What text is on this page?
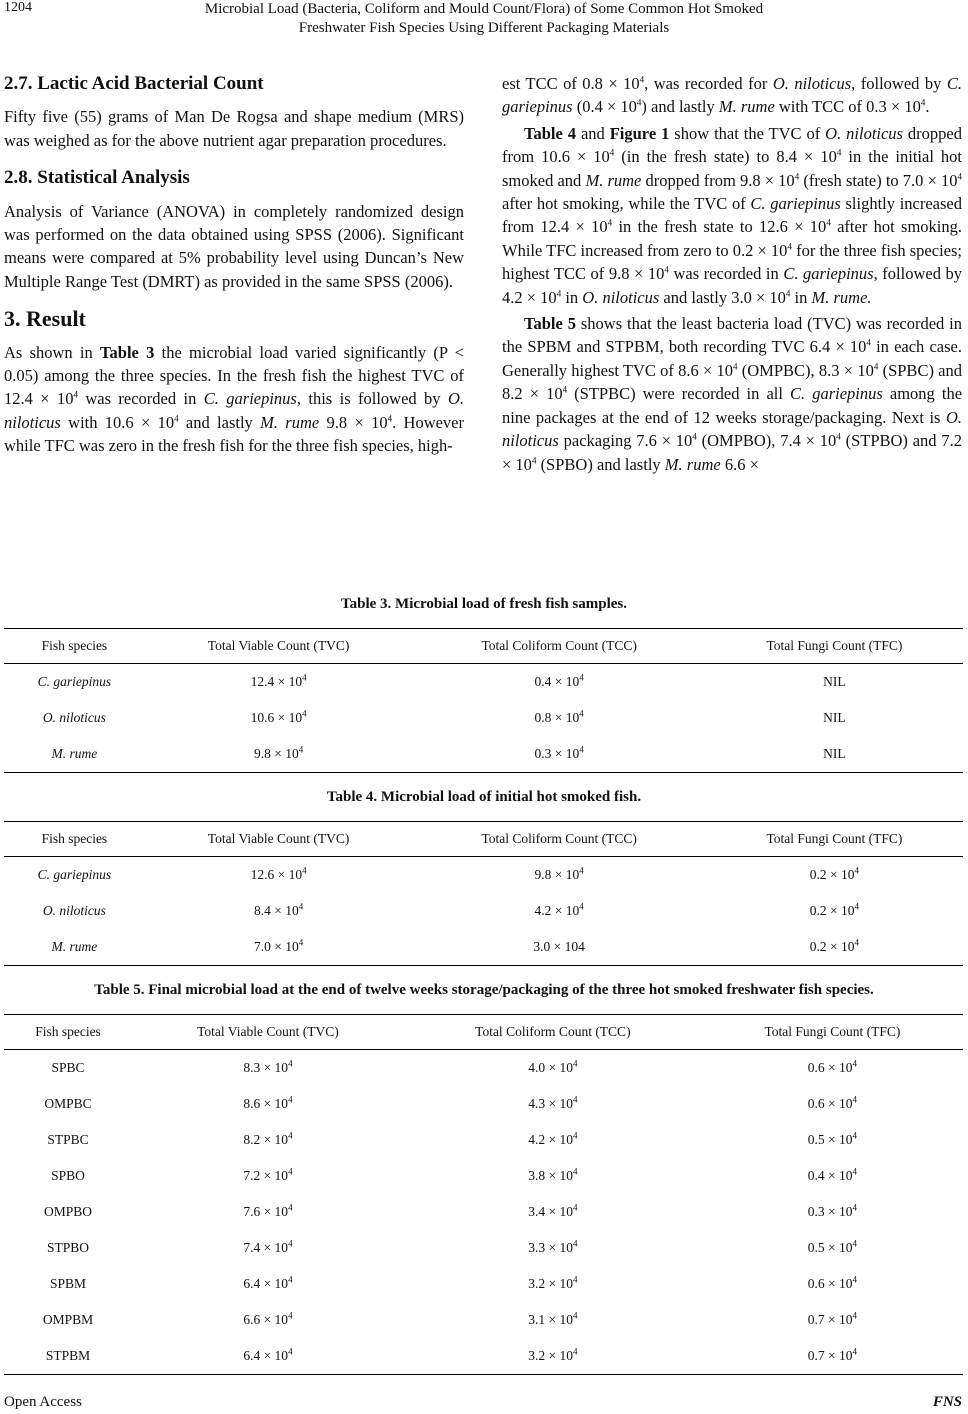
1204	Microbial Load (Bacteria, Coliform and Mould Count/Flora) of Some Common Hot Smoked
Freshwater Fish Species Using Different Packaging Materials
2.7. Lactic Acid Bacterial Count

Fifty five (55) grams of Man De Rogsa and shape medium (MRS) was weighed as for the above nutrient agar preparation procedures.

2.8. Statistical Analysis

Analysis of Variance (ANOVA) in completely randomized design was performed on the data obtained using SPSS (2006). Significant means were compared at 5% probability level using Duncan’s New Multiple Range Test (DMRT) as provided in the same SPSS (2006).

3. Result

As shown in Table 3 the microbial load varied significantly (P < 0.05) among the three species. In the fresh fish the highest TVC of $12.4 \times 10^4$ was recorded in C. gariepinus, this is followed by O. niloticus with $10.6 \times 10^4$ and lastly M. rume $9.8 \times 10^4$. However while TFC was zero in the fresh fish for the three fish species, high-

est TCC of $0.8 \times 10^4$, was recorded for O. niloticus, followed by C. gariepinus $(0.4 \times 10^4)$ and lastly M. rume with TCC of $0.3 \times 10^4$.

Table 4 and Figure 1 show that the TVC of O. niloticus dropped from $10.6 \times 10^4$ (in the fresh state) to $8.4 \times 10^4$ in the initial hot smoked and M. rume dropped from $9.8 \times 10^4$ (fresh state) to $7.0 \times 10^4$ after hot smoking, while the TVC of C. gariepinus slightly increased from $12.4 \times 10^4$ in the fresh state to $12.6 \times 10^4$ after hot smoking. While TFC increased from zero to $0.2 \times 10^4$ for the three fish species; highest TCC of $9.8 \times 10^4$ was recorded in C. gariepinus, followed by $4.2 \times 10^4$ in O. niloticus and lastly $3.0 \times 10^4$ in M. rume.

Table 5 shows that the least bacteria load (TVC) was recorded in the SPBM and STPBM, both recording TVC $6.4 \times 10^4$ in each case. Generally highest TVC of $8.6 \times 10^4$ (OMPBC), $8.3 \times 10^4$ (SPBC) and $8.2 \times 10^4$ (STPBC) were recorded in all C. gariepinus among the nine packages at the end of 12 weeks storage/packaging. Next is O. niloticus packaging $7.6 \times 10^4$ (OMPBO), $7.4 \times 10^4$ (STPBO) and $7.2 \times 10^4$ (SPBO) and lastly M. rume 6.6 ×

Table 3. Microbial load of fresh fish samples.
Fish species	Total Viable Count (TVC)	Total Coliform Count (TCC)	Total Fungi Count (TFC)
C. gariepinus	$12.4 \times 10^4$	$0.4 \times 10^4$	NIL
O. niloticus	$10.6 \times 10^4$	$0.8 \times 10^4$	NIL
M. rume	$9.8 \times 10^4$	$0.3 \times 10^4$	NIL
Table 4. Microbial load of initial hot smoked fish.
Fish species	Total Viable Count (TVC)	Total Coliform Count (TCC)	Total Fungi Count (TFC)
C. gariepinus	$12.6 \times 10^4$	$9.8 \times 10^4$	$0.2 \times 10^4$
O. niloticus	$8.4 \times 10^4$	$4.2 \times 10^4$	$0.2 \times 10^4$
M. rume	$7.0 \times 10^4$	3.0 × 104	$0.2 \times 10^4$
Table 5. Final microbial load at the end of twelve weeks storage/packaging of the three hot smoked freshwater fish species.
Fish species	Total Viable Count (TVC)	Total Coliform Count (TCC)	Total Fungi Count (TFC)
SPBC	$8.3 \times 10^4$	$4.0 \times 10^4$	$0.6 \times 10^4$
OMPBC	$8.6 \times 10^4$	$4.3 \times 10^4$	$0.6 \times 10^4$
STPBC	$8.2 \times 10^4$	$4.2 \times 10^4$	$0.5 \times 10^4$
SPBO	$7.2 \times 10^4$	$3.8 \times 10^4$	$0.4 \times 10^4$
OMPBO	$7.6 \times 10^4$	$3.4 \times 10^4$	$0.3 \times 10^4$
STPBO	$7.4 \times 10^4$	$3.3 \times 10^4$	$0.5 \times 10^4$
SPBM	$6.4 \times 10^4$	$3.2 \times 10^4$	$0.6 \times 10^4$
OMPBM	$6.6 \times 10^4$	$3.1 \times 10^4$	$0.7 \times 10^4$
STPBM	$6.4 \times 10^4$	$3.2 \times 10^4$	$0.7 \times 10^4$
Open Access	FNS
